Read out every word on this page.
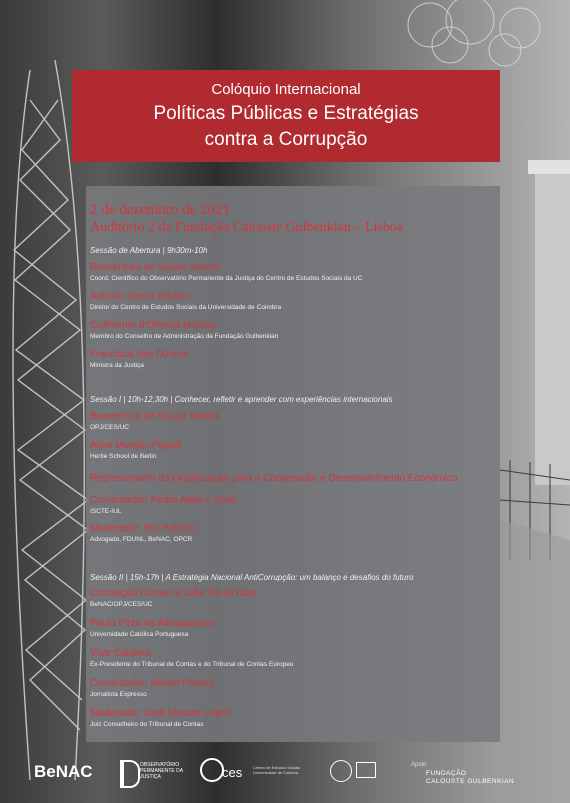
Colóquio Internacional
Políticas Públicas e Estratégias
contra a Corrupção
2 de dezembro de 2021
Auditório 2 da Fundação Calouste Gulbenkian – Lisboa
Sessão de Abertura | 9h30m-10h
Boaventura de Sousa Santos
Coord. Científico do Observatório Permanente da Justiça do Centro de Estudos Sociais da UC
António Sousa Ribeiro
Diretor do Centro de Estudos Sociais da Universidade de Coimbra
Guilherme d'Oliveira Martins
Membro do Conselho de Administração da Fundação Gulbenkian
Francisca Van Dunem
Ministra da Justiça
Sessão I | 10h-12,30h | Conhecer, refletir e aprender com experiências internacionais
Boaventura de Sousa Santos
OPJ/CES/UC
Alina Mungiu-Pippidi
Hertie School de Berlin
Representante da Organização para a Cooperação e Desenvolvimento Económico
Comentador: Pedro Adão e Silva
ISCTE-IUL
Moderador: Rui Patrício
Advogado, FDUNL, BeNAC, OPCR
Sessão II | 15h-17h | A Estratégia Nacional AntiCorrupção: um balanço e desafios do futuro
Conceição Gomes e João Paulo Dias
BeNAC/OPJ/CES/UC
Paulo Pinto de Albuquerque
Universidade Católica Portuguesa
Vítor Caldeira
Ex-Presidente do Tribunal de Contas e do Tribunal de Contas Europeu
Comentador: Micael Pereira
Jornalista Expresso
Moderador: José Mouraz Lopes
Juiz Conselheiro do Tribunal de Contas
BeNAC	OBSERVATÓRIO PERMANENTE DA JUSTIÇA	ces	Centro de Estudos Sociais Universidade de Coimbra
Apoio
FUNDAÇÃO
CALOUSTE GULBENKIAN
